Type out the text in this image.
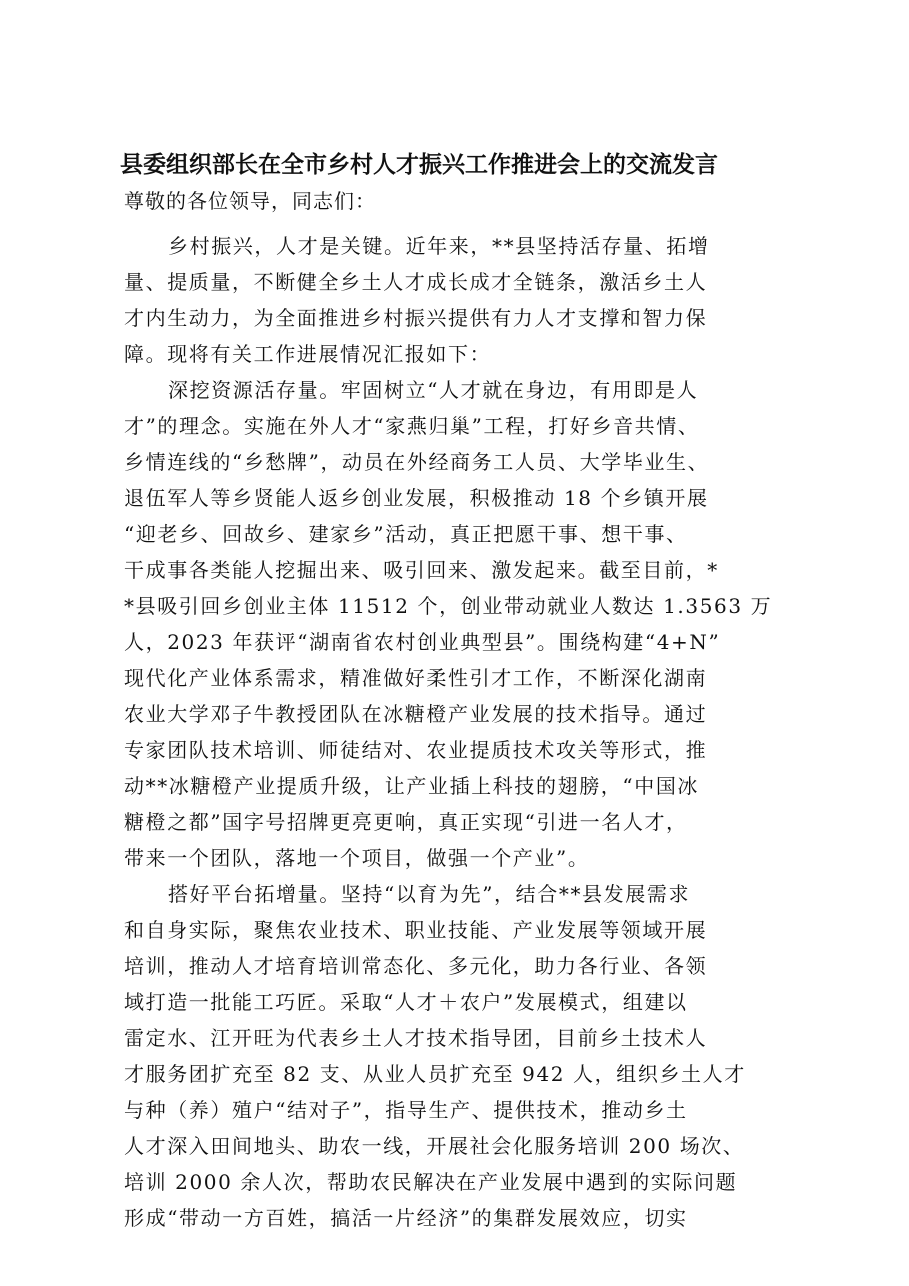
县委组织部长在全市乡村人才振兴工作推进会上的交流发言

尊敬的各位领导，同志们：

乡村振兴，人才是关键。近年来，**县坚持活存量、拓增
量、提质量，不断健全乡土人才成长成才全链条，激活乡土人
才内生动力，为全面推进乡村振兴提供有力人才支撑和智力保
障。现将有关工作进展情况汇报如下：
深挖资源活存量。牢固树立“人才就在身边，有用即是人
才”的理念。实施在外人才“家燕归巢”工程，打好乡音共情、
乡情连线的“乡愁牌”，动员在外经商务工人员、大学毕业生、
退伍军人等乡贤能人返乡创业发展，积极推动 18 个乡镇开展
“迎老乡、回故乡、建家乡”活动，真正把愿干事、想干事、
干成事各类能人挖掘出来、吸引回来、激发起来。截至目前，*
*县吸引回乡创业主体 11512 个，创业带动就业人数达 1.3563 万
人，2023 年获评“湖南省农村创业典型县”。围绕构建“4+N”
现代化产业体系需求，精准做好柔性引才工作，不断深化湖南
农业大学邓子牛教授团队在冰糖橙产业发展的技术指导。通过
专家团队技术培训、师徒结对、农业提质技术攻关等形式，推
动**冰糖橙产业提质升级，让产业插上科技的翅膀，“中国冰
糖橙之都”国字号招牌更亮更响，真正实现“引进一名人才，
带来一个团队，落地一个项目，做强一个产业”。
搭好平台拓增量。坚持“以育为先”，结合**县发展需求
和自身实际，聚焦农业技术、职业技能、产业发展等领域开展
培训，推动人才培育培训常态化、多元化，助力各行业、各领
域打造一批能工巧匠。采取“人才＋农户”发展模式，组建以
雷定水、江开旺为代表乡土人才技术指导团，目前乡土技术人
才服务团扩充至 82 支、从业人员扩充至 942 人，组织乡土人才
与种（养）殖户“结对子”，指导生产、提供技术，推动乡土
人才深入田间地头、助农一线，开展社会化服务培训 200 场次、
培训 2000 余人次，帮助农民解决在产业发展中遇到的实际问题
形成“带动一方百姓，搞活一片经济”的集群发展效应，切实
